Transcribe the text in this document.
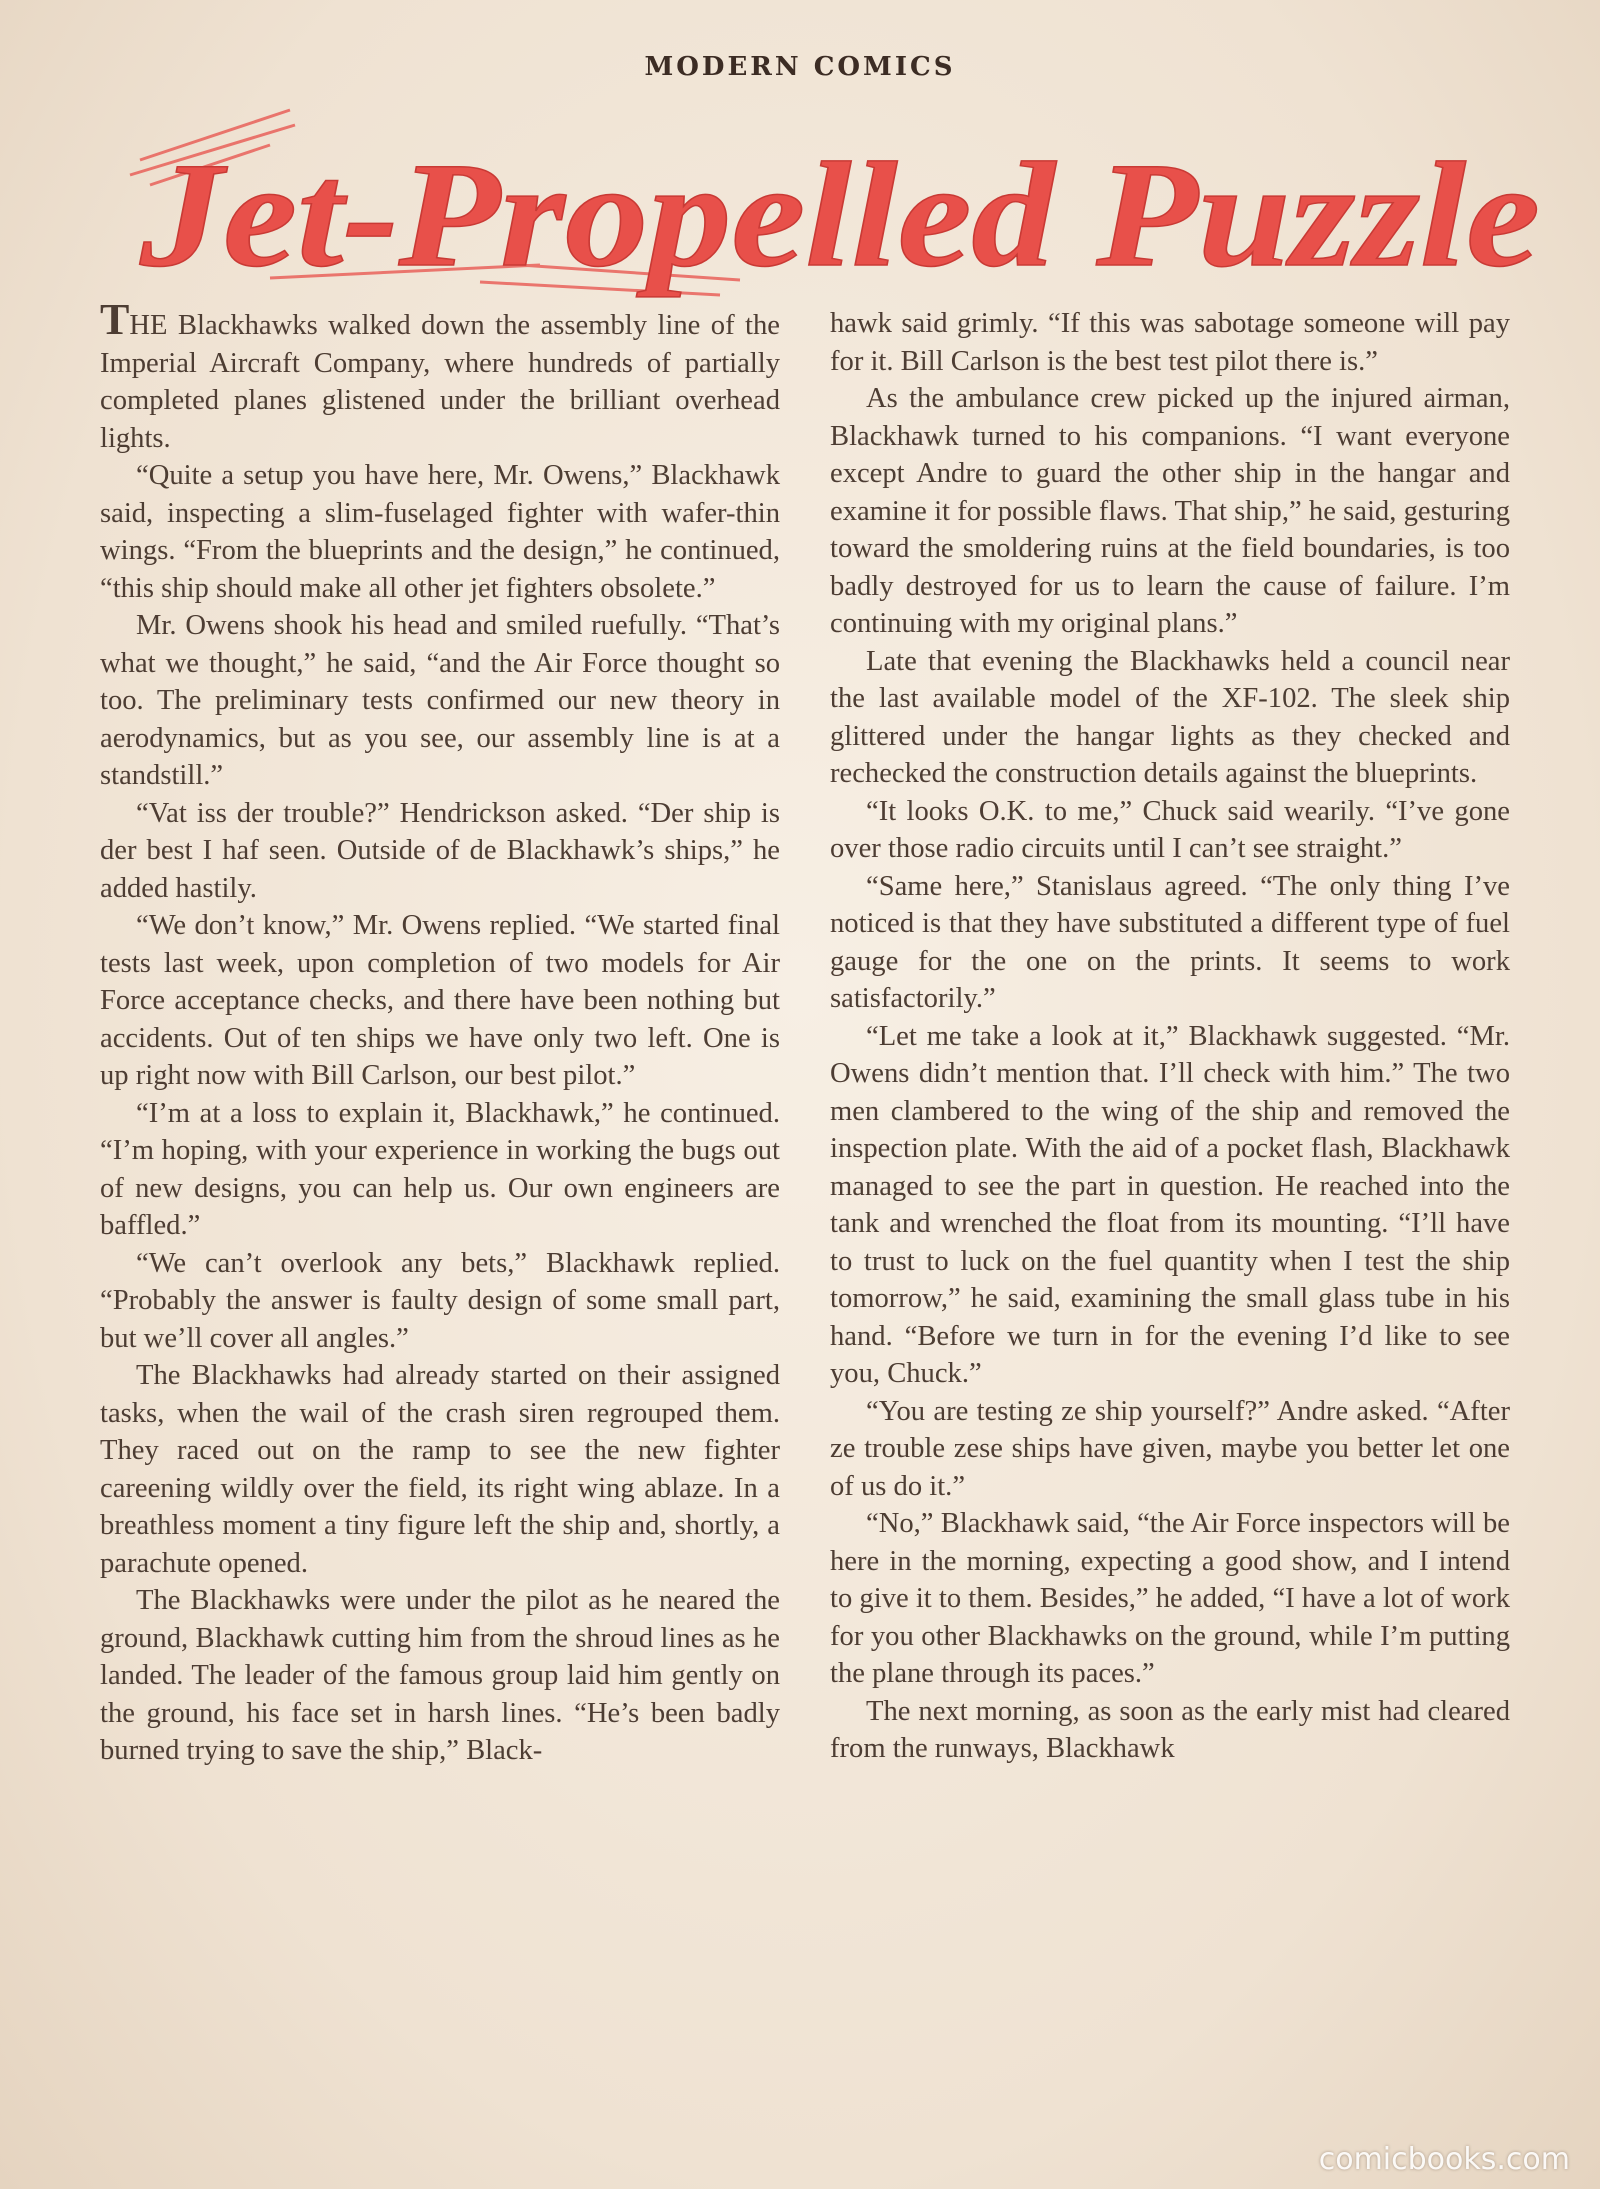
MODERN COMICS
Jet-Propelled Puzzle

THE Blackhawks walked down the assembly line of the Imperial Aircraft Company, where hundreds of partially completed planes glistened under the brilliant overhead lights.

“Quite a setup you have here, Mr. Owens,” Blackhawk said, inspecting a slim-fuselaged fighter with wafer-thin wings. “From the blueprints and the design,” he continued, “this ship should make all other jet fighters obsolete.”

Mr. Owens shook his head and smiled ruefully. “That’s what we thought,” he said, “and the Air Force thought so too. The preliminary tests confirmed our new theory in aerodynamics, but as you see, our assembly line is at a standstill.”

“Vat iss der trouble?” Hendrickson asked. “Der ship is der best I haf seen. Outside of de Blackhawk’s ships,” he added hastily.

“We don’t know,” Mr. Owens replied. “We started final tests last week, upon completion of two models for Air Force acceptance checks, and there have been nothing but accidents. Out of ten ships we have only two left. One is up right now with Bill Carlson, our best pilot.”

“I’m at a loss to explain it, Blackhawk,” he continued. “I’m hoping, with your experience in working the bugs out of new designs, you can help us. Our own engineers are baffled.”

“We can’t overlook any bets,” Blackhawk replied. “Probably the answer is faulty design of some small part, but we’ll cover all angles.”

The Blackhawks had already started on their assigned tasks, when the wail of the crash siren regrouped them. They raced out on the ramp to see the new fighter careening wildly over the field, its right wing ablaze. In a breathless moment a tiny figure left the ship and, shortly, a parachute opened.

The Blackhawks were under the pilot as he neared the ground, Blackhawk cutting him from the shroud lines as he landed. The leader of the famous group laid him gently on the ground, his face set in harsh lines. “He’s been badly burned trying to save the ship,” Black-

hawk said grimly. “If this was sabotage someone will pay for it. Bill Carlson is the best test pilot there is.”

As the ambulance crew picked up the injured airman, Blackhawk turned to his companions. “I want everyone except Andre to guard the other ship in the hangar and examine it for possible flaws. That ship,” he said, gesturing toward the smoldering ruins at the field boundaries, is too badly destroyed for us to learn the cause of failure. I’m continuing with my original plans.”

Late that evening the Blackhawks held a council near the last available model of the XF-102. The sleek ship glittered under the hangar lights as they checked and rechecked the construction details against the blueprints.

“It looks O.K. to me,” Chuck said wearily. “I’ve gone over those radio circuits until I can’t see straight.”

“Same here,” Stanislaus agreed. “The only thing I’ve noticed is that they have substituted a different type of fuel gauge for the one on the prints. It seems to work satisfactorily.”

“Let me take a look at it,” Blackhawk suggested. “Mr. Owens didn’t mention that. I’ll check with him.” The two men clambered to the wing of the ship and removed the inspection plate. With the aid of a pocket flash, Blackhawk managed to see the part in question. He reached into the tank and wrenched the float from its mounting. “I’ll have to trust to luck on the fuel quantity when I test the ship tomorrow,” he said, examining the small glass tube in his hand. “Before we turn in for the evening I’d like to see you, Chuck.”

“You are testing ze ship yourself?” Andre asked. “After ze trouble zese ships have given, maybe you better let one of us do it.”

“No,” Blackhawk said, “the Air Force inspectors will be here in the morning, expecting a good show, and I intend to give it to them. Besides,” he added, “I have a lot of work for you other Blackhawks on the ground, while I’m putting the plane through its paces.”

The next morning, as soon as the early mist had cleared from the runways, Blackhawk

comicbooks.com
